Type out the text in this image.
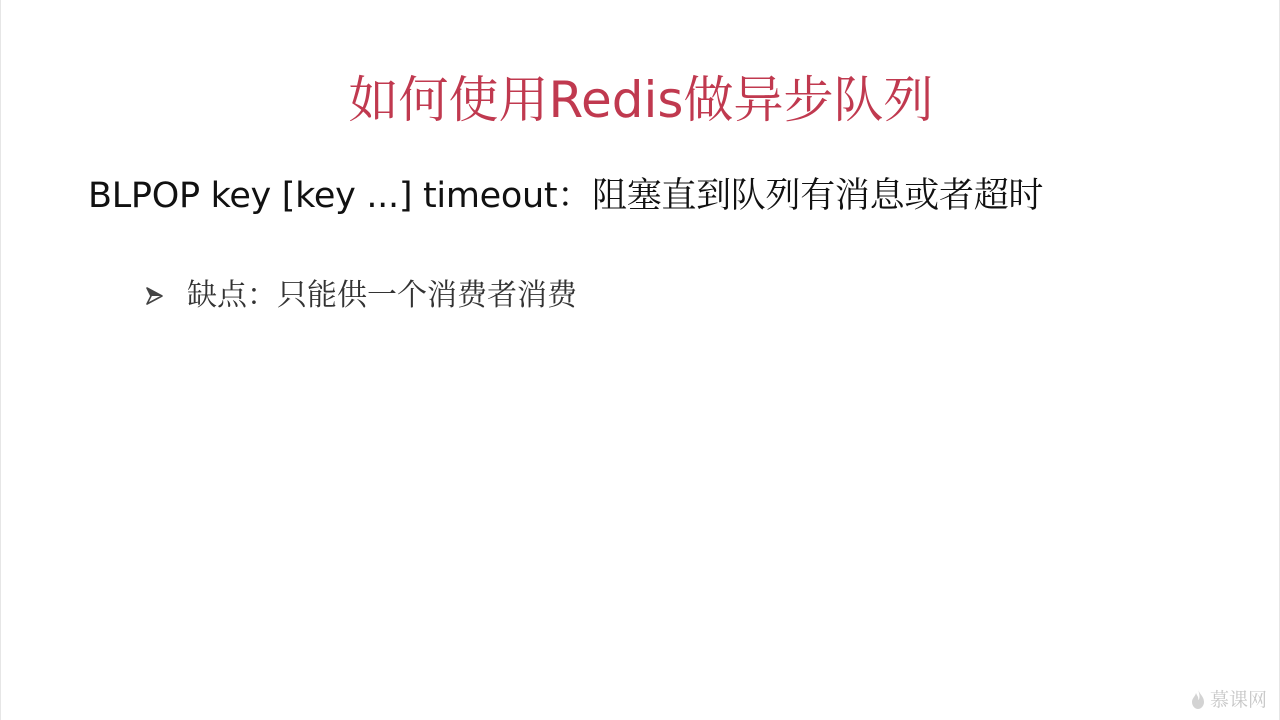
如何使用Redis做异步队列
BLPOP key [key ...] timeout：阻塞直到队列有消息或者超时
缺点：只能供一个消费者消费
慕课网
